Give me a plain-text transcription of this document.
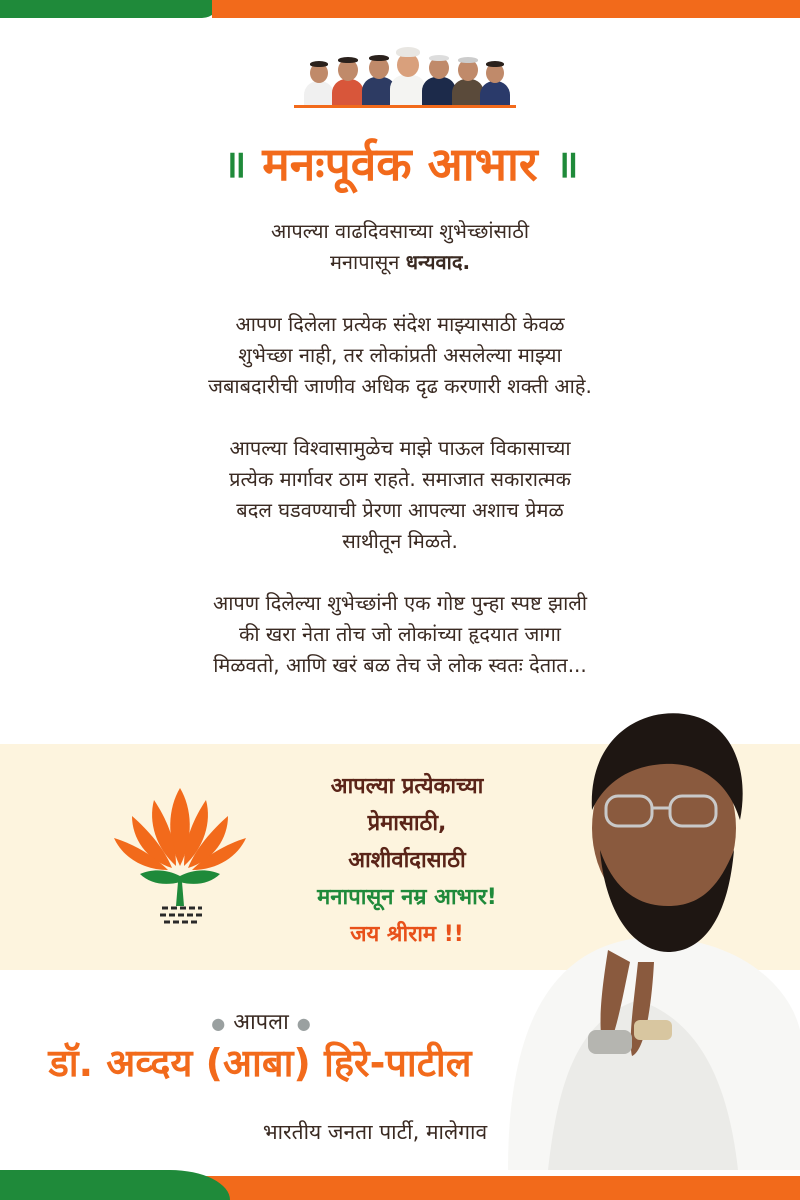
॥ मनःपूर्वक आभार ॥

आपल्या वाढदिवसाच्या शुभेच्छांसाठी
मनापासून धन्यवाद.

आपण दिलेला प्रत्येक संदेश माझ्यासाठी केवळ
शुभेच्छा नाही, तर लोकांप्रती असलेल्या माझ्या
जबाबदारीची जाणीव अधिक दृढ करणारी शक्ती आहे.

आपल्या विश्वासामुळेच माझे पाऊल विकासाच्या
प्रत्येक मार्गावर ठाम राहते. समाजात सकारात्मक
बदल घडवण्याची प्रेरणा आपल्या अशाच प्रेमळ
साथीतून मिळते.

आपण दिलेल्या शुभेच्छांनी एक गोष्ट पुन्हा स्पष्ट झाली
की खरा नेता तोच जो लोकांच्या हृदयात जागा
मिळवतो, आणि खरं बळ तेच जे लोक स्वतः देतात...

आपल्या प्रत्येकाच्या
प्रेमासाठी,
आशीर्वादासाठी
मनापासून नम्र आभार!
जय श्रीराम !!
● आपला ●
डॉ. अव्दय (आबा) हिरे-पाटील
भारतीय जनता पार्टी, मालेगाव
